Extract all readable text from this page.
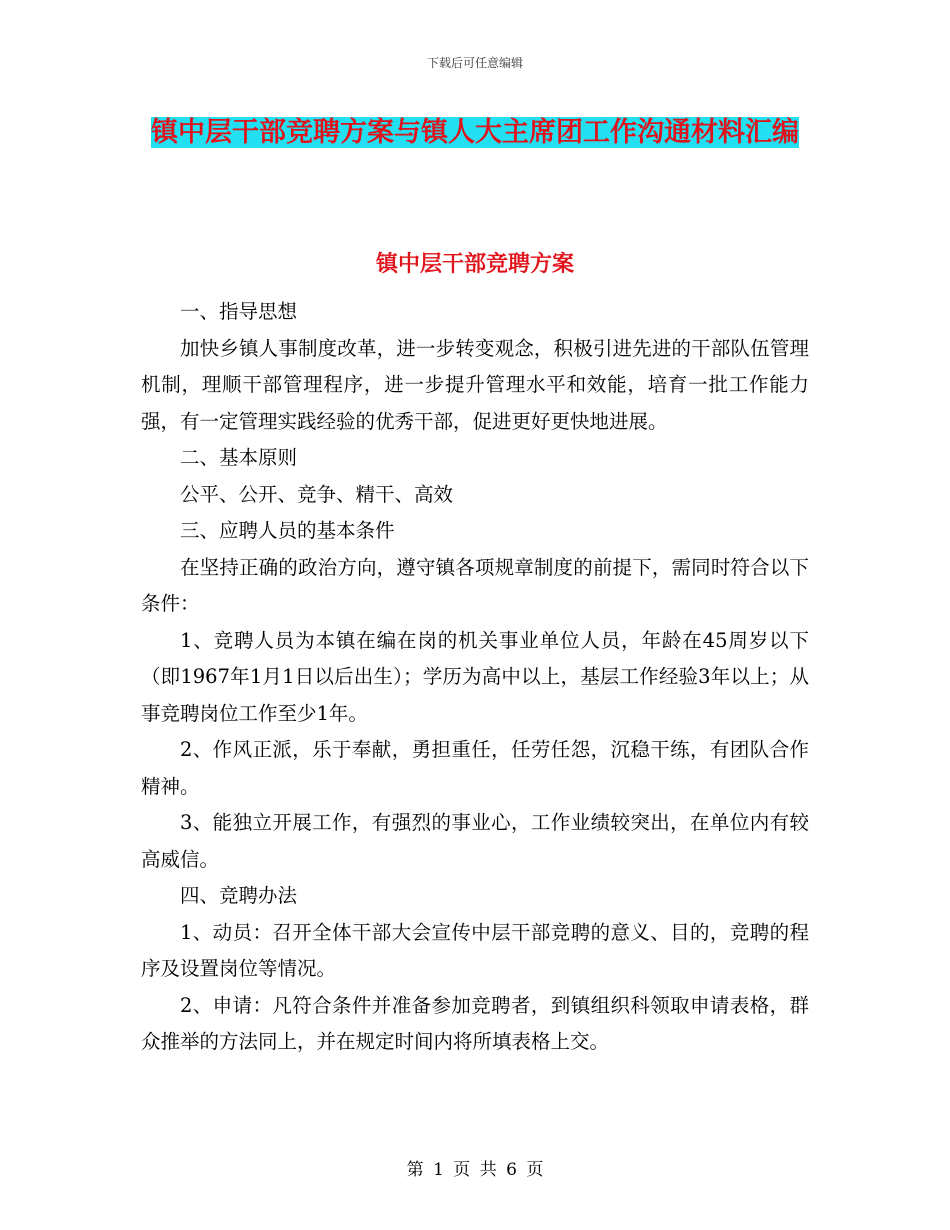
下载后可任意编辑
镇中层干部竞聘方案与镇人大主席团工作沟通材料汇编
镇中层干部竞聘方案

一、指导思想

加快乡镇人事制度改革，进一步转变观念，积极引进先进的干部队伍管理机制，理顺干部管理程序，进一步提升管理水平和效能，培育一批工作能力强，有一定管理实践经验的优秀干部，促进更好更快地进展。

二、基本原则

公平、公开、竞争、精干、高效

三、应聘人员的基本条件

在坚持正确的政治方向，遵守镇各项规章制度的前提下，需同时符合以下条件：

1、竞聘人员为本镇在编在岗的机关事业单位人员，年龄在45周岁以下（即1967年1月1日以后出生）；学历为高中以上，基层工作经验3年以上；从事竞聘岗位工作至少1年。

2、作风正派，乐于奉献，勇担重任，任劳任怨，沉稳干练，有团队合作精神。

3、能独立开展工作，有强烈的事业心，工作业绩较突出，在单位内有较高威信。

四、竞聘办法

1、动员：召开全体干部大会宣传中层干部竞聘的意义、目的，竞聘的程序及设置岗位等情况。

2、申请：凡符合条件并准备参加竞聘者，到镇组织科领取申请表格，群众推举的方法同上，并在规定时间内将所填表格上交。

第 1 页 共 6 页
